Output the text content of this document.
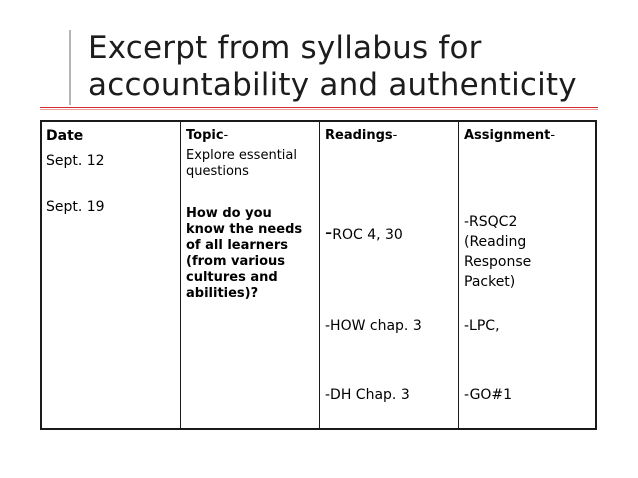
Excerpt from syllabus for
accountability and authenticity
Date
Sept. 12
Sept. 19
Topic-
Explore essential questions
How do you
know the needs
of all learners
(from various
cultures and
abilities)?
Readings-
-ROC 4, 30
-HOW chap. 3
-DH Chap. 3
Assignment-
-RSQC2
(Reading
Response
Packet)
-LPC,
-GO#1
